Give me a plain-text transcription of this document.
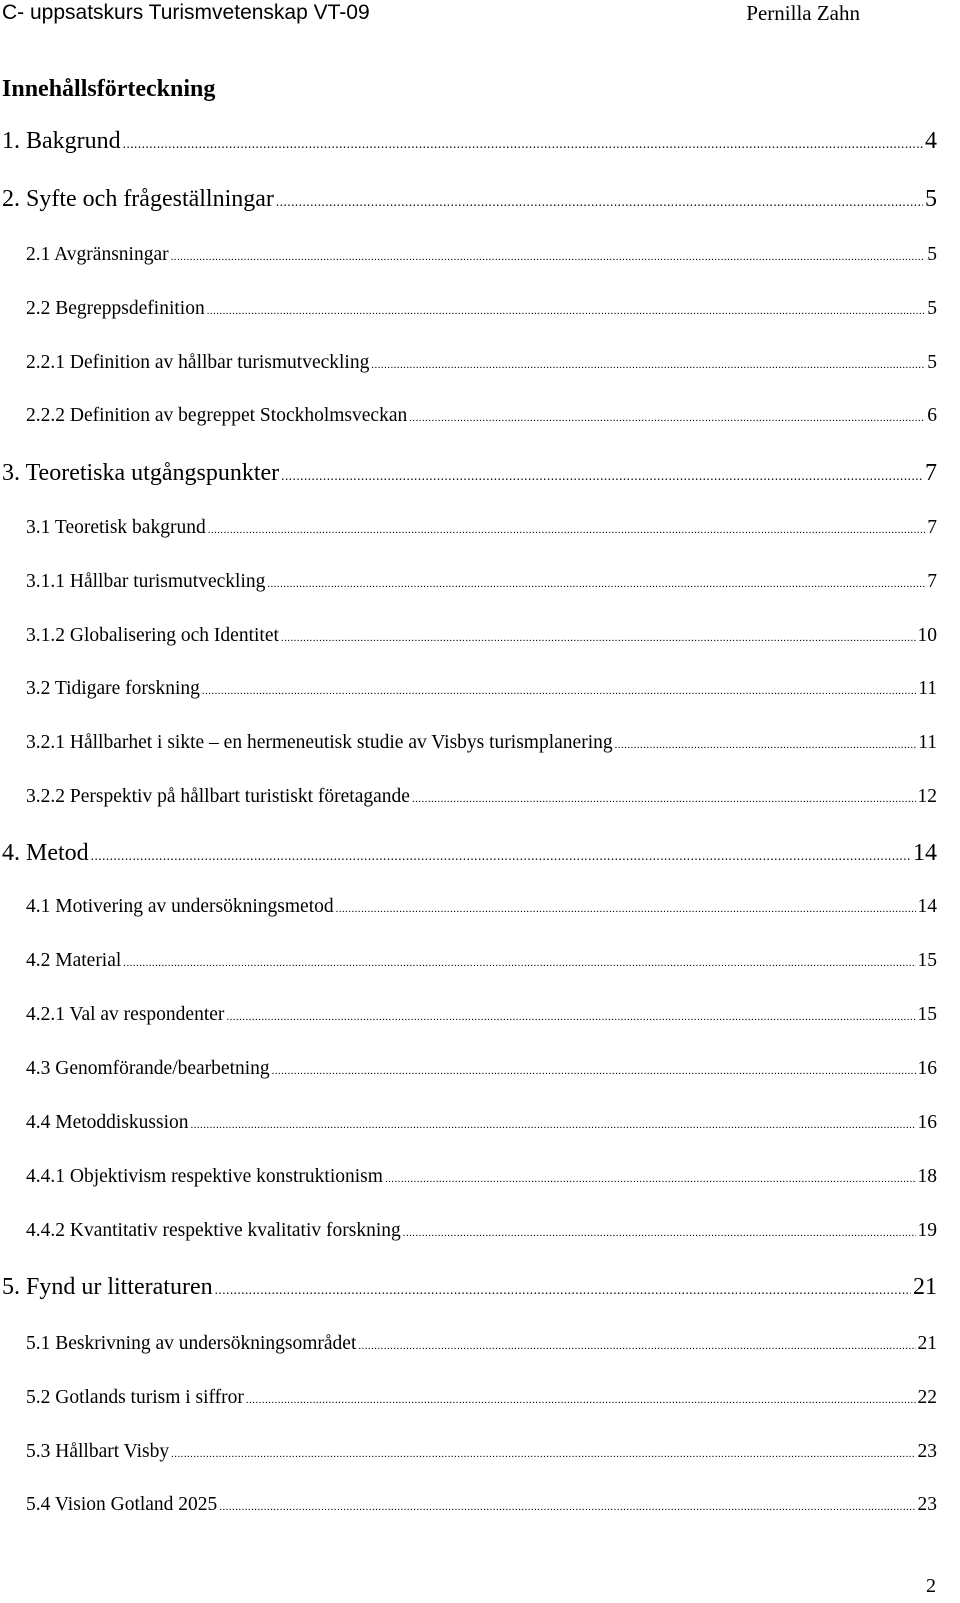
C- uppsatskurs Turismvetenskap VT-09	Pernilla Zahn
Innehållsförteckning
1. Bakgrund .....	4
2. Syfte och frågeställningar .....	5
2.1 Avgränsningar .....	5
2.2 Begreppsdefinition .....	5
2.2.1 Definition av hållbar turismutveckling .....	5
2.2.2 Definition av begreppet Stockholmsveckan .....	6
3. Teoretiska utgångspunkter .....	7
3.1 Teoretisk bakgrund .....	7
3.1.1 Hållbar turismutveckling .....	7
3.1.2 Globalisering och Identitet .....	10
3.2 Tidigare forskning .....	11
3.2.1 Hållbarhet i sikte – en hermeneutisk studie av Visbys turismplanering .....	11
3.2.2 Perspektiv på hållbart turistiskt företagande .....	12
4. Metod .....	14
4.1 Motivering av undersökningsmetod .....	14
4.2 Material .....	15
4.2.1 Val av respondenter .....	15
4.3 Genomförande/bearbetning .....	16
4.4 Metoddiskussion .....	16
4.4.1 Objektivism respektive konstruktionism .....	18
4.4.2 Kvantitativ respektive kvalitativ forskning .....	19
5. Fynd ur litteraturen .....	21
5.1 Beskrivning av undersökningsområdet .....	21
5.2 Gotlands turism i siffror .....	22
5.3 Hållbart Visby .....	23
5.4 Vision Gotland 2025 .....	23
2
